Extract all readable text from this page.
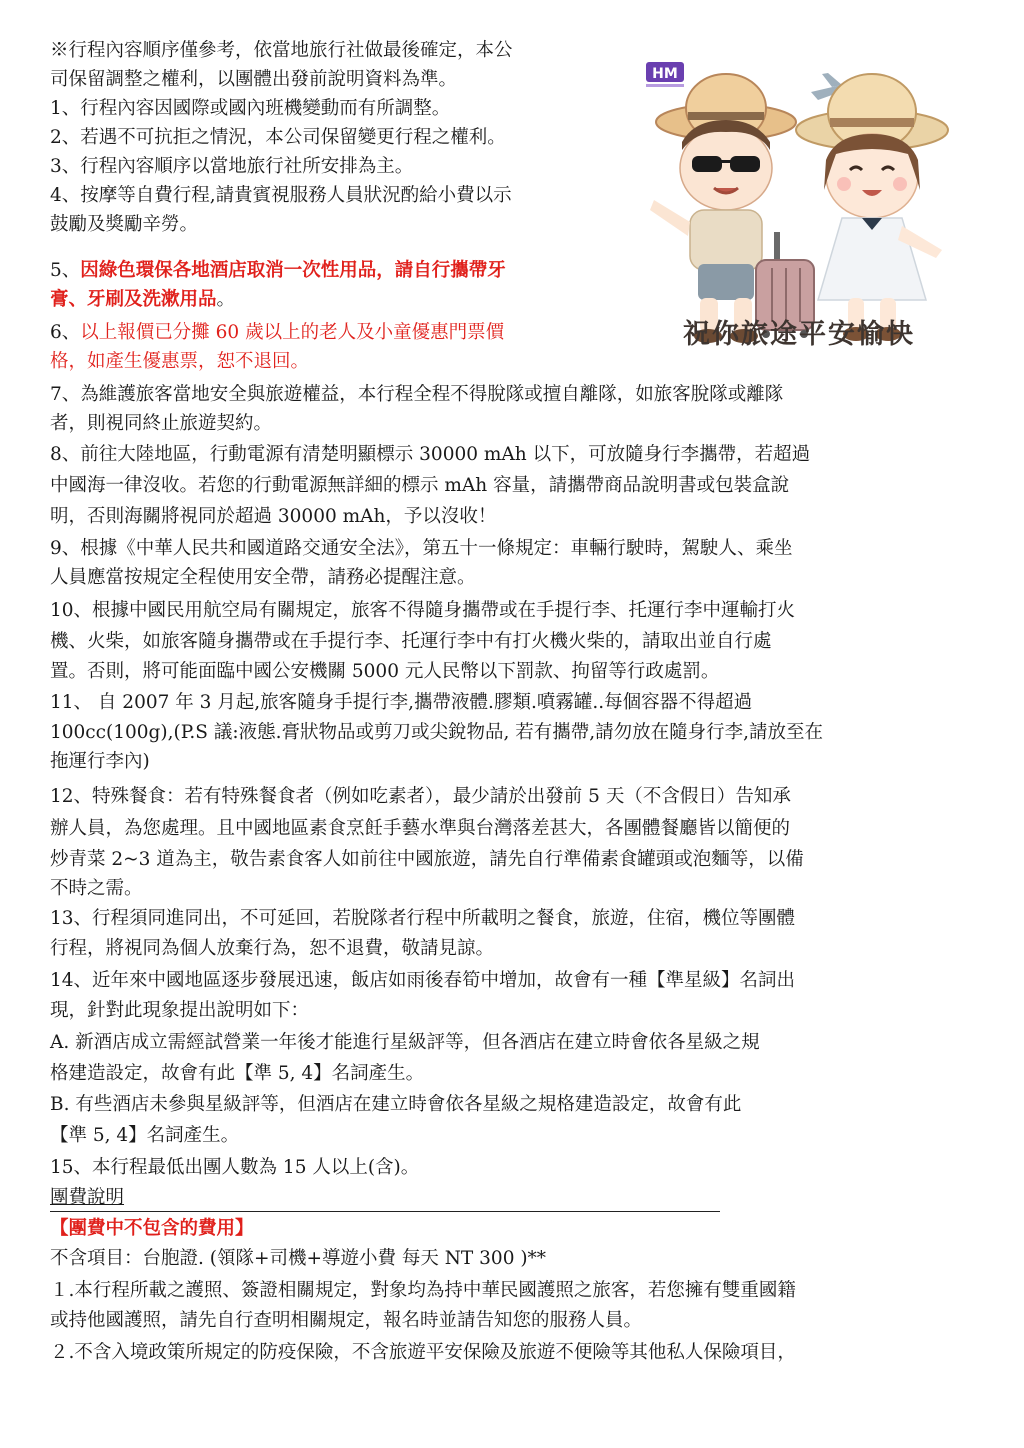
※行程內容順序僅參考，依當地旅行社做最後確定，本公
司保留調整之權利，以團體出發前說明資料為準。
1、行程內容因國際或國內班機變動而有所調整。
2、若遇不可抗拒之情況，本公司保留變更行程之權利。
3、行程內容順序以當地旅行社所安排為主。
4、按摩等自費行程,請貴賓視服務人員狀況酌給小費以示
鼓勵及獎勵辛勞。
5、因綠色環保各地酒店取消一次性用品，請自行攜帶牙
膏、牙刷及洗漱用品。
6、以上報價已分攤 60 歲以上的老人及小童優惠門票價
格，如產生優惠票，恕不退回。
HM
祝你旅途平安愉快
7、為維護旅客當地安全與旅遊權益，本行程全程不得脫隊或擅自離隊，如旅客脫隊或離隊
者，則視同終止旅遊契約。
8、前往大陸地區，行動電源有清楚明顯標示 30000 mAh 以下，可放隨身行李攜帶，若超過
中國海一律沒收。若您的行動電源無詳細的標示 mAh 容量，請攜帶商品說明書或包裝盒說
明，否則海關將視同於超過 30000 mAh，予以沒收！
9、根據《中華人民共和國道路交通安全法》，第五十一條規定：車輛行駛時，駕駛人、乘坐
人員應當按規定全程使用安全帶，請務必提醒注意。
10、根據中國民用航空局有關規定，旅客不得隨身攜帶或在手提行李、托運行李中運輸打火
機、火柴，如旅客隨身攜帶或在手提行李、托運行李中有打火機火柴的，請取出並自行處
置。否則，將可能面臨中國公安機關 5000 元人民幣以下罰款、拘留等行政處罰。
11、 自 2007 年 3 月起,旅客隨身手提行李,攜帶液體.膠類.噴霧罐..每個容器不得超過
100cc(100g),(P.S 議:液態.膏狀物品或剪刀或尖銳物品, 若有攜帶,請勿放在隨身行李,請放至在
拖運行李內)
12、特殊餐食：若有特殊餐食者（例如吃素者），最少請於出發前 5 天（不含假日）告知承
辦人員，為您處理。且中國地區素食烹飪手藝水準與台灣落差甚大，各團體餐廳皆以簡便的
炒青菜 2~3 道為主，敬告素食客人如前往中國旅遊，請先自行準備素食罐頭或泡麵等，以備
不時之需。
13、行程須同進同出，不可延回，若脫隊者行程中所載明之餐食，旅遊，住宿，機位等團體
行程，將視同為個人放棄行為，恕不退費，敬請見諒。
14、近年來中國地區逐步發展迅速，飯店如雨後春筍中增加，故會有一種【準星級】名詞出
現，針對此現象提出說明如下：
A. 新酒店成立需經試營業一年後才能進行星級評等，但各酒店在建立時會依各星級之規
格建造設定，故會有此【準 5, 4】名詞產生。
B. 有些酒店未參與星級評等，但酒店在建立時會依各星級之規格建造設定，故會有此
【準 5, 4】名詞產生。
15、本行程最低出團人數為 15 人以上(含)。
團費說明
【團費中不包含的費用】
不含項目：台胞證. (領隊+司機+導遊小費 每天 NT 300 )**
１.本行程所載之護照、簽證相關規定，對象均為持中華民國護照之旅客，若您擁有雙重國籍
或持他國護照，請先自行查明相關規定，報名時並請告知您的服務人員。
２.不含入境政策所規定的防疫保險，不含旅遊平安保險及旅遊不便險等其他私人保險項目，
